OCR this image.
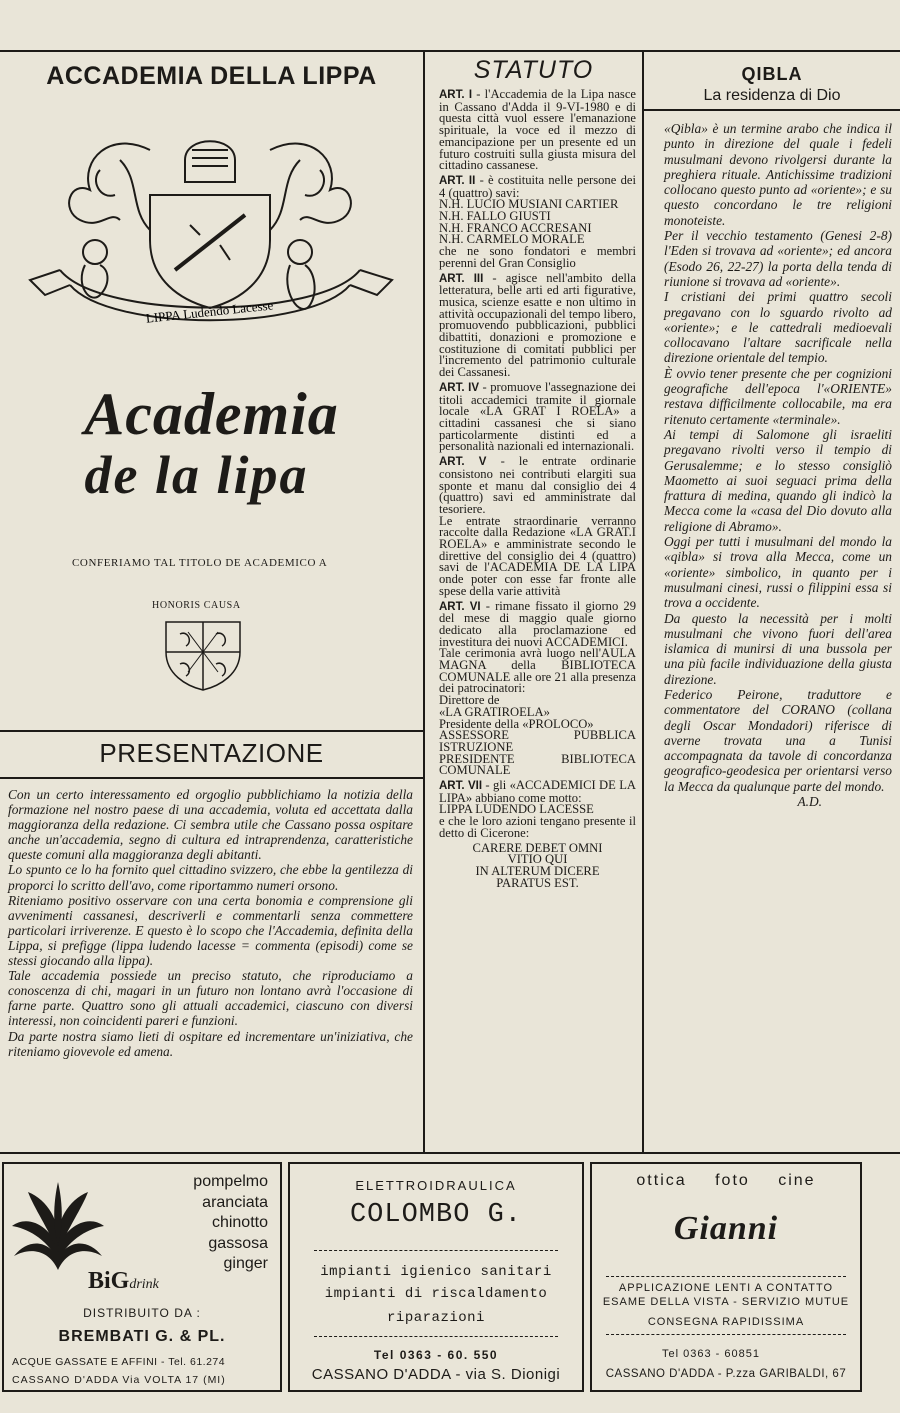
ACCADEMIA DELLA LIPPA
LIPPA Ludendo Lacesse
Academia
de la lipa
CONFERIAMO TAL TITOLO DE ACADEMICO A
HONORIS CAUSA
PRESENTAZIONE

Con un certo interessamento ed orgoglio pubblichiamo la notizia della formazione nel nostro paese di una accademia, voluta ed accettata dalla maggioranza della redazione. Ci sembra utile che Cassano possa ospitare anche un'accademia, segno di cultura ed intraprendenza, caratteristiche queste comuni alla maggioranza degli abitanti.

Lo spunto ce lo ha fornito quel cittadino svizzero, che ebbe la gentilezza di proporci lo scritto dell'avo, come riportammo numeri orsono.

Riteniamo positivo osservare con una certa bonomia e comprensione gli avvenimenti cassanesi, descriverli e commentarli senza commettere particolari irriverenze. E questo è lo scopo che l'Accademia, definita della Lippa, si prefigge (lippa ludendo lacesse = commenta (episodi) come se stessi giocando alla lippa).

Tale accademia possiede un preciso statuto, che riproduciamo a conoscenza di chi, magari in un futuro non lontano avrà l'occasione di farne parte. Quattro sono gli attuali accademici, ciascuno con diversi interessi, non coincidenti pareri e funzioni.

Da parte nostra siamo lieti di ospitare ed incrementare un'iniziativa, che riteniamo giovevole ed amena.

STATUTO

ART. I - l'Accademia de la Lipa nasce in Cassano d'Adda il 9-VI-1980 e di questa città vuol essere l'emanazione spirituale, la voce ed il mezzo di emancipazione per un presente ed un futuro costruiti sulla giusta misura del cittadino cassanese.

ART. II - è costituita nelle persone dei 4 (quattro) savi:
N.H. LUCIO MUSIANI CARTIER
N.H. FALLO GIUSTI
N.H. FRANCO ACCRESANI
N.H. CARMELO MORALE
che ne sono fondatori e membri perenni del Gran Consiglio

ART. III - agisce nell'ambito della letteratura, belle arti ed arti figurative, musica, scienze esatte e non ultimo in attività occupazionali del tempo libero, promuovendo pubblicazioni, pubblici dibattiti, donazioni e promozione e costituzione di comitati pubblici per l'incremento del patrimonio culturale dei Cassanesi.

ART. IV - promuove l'assegnazione dei titoli accademici tramite il giornale locale «LA GRAT I ROELA» a cittadini cassanesi che si siano particolarmente distinti ed a personalità nazionali ed internazionali.

ART. V - le entrate ordinarie consistono nei contributi elargiti sua sponte et manu dal consiglio dei 4 (quattro) savi ed amministrate dal tesoriere.
Le entrate straordinarie verranno raccolte dalla Redazione «LA GRAT.I ROELA» e amministrate secondo le direttive del consiglio dei 4 (quattro) savi de l'ACADEMIA DE LA LIPA onde poter con esse far fronte alle spese della varie attività

ART. VI - rimane fissato il giorno 29 del mese di maggio quale giorno dedicato alla proclamazione ed investitura dei nuovi ACCADEMICI.
Tale cerimonia avrà luogo nell'AULA MAGNA della BIBLIOTECA COMUNALE alle ore 21 alla presenza dei patrocinatori:
Direttore de
«LA GRATIROELA»
Presidente della «PROLOCO»
ASSESSORE PUBBLICA ISTRUZIONE
PRESIDENTE BIBLIOTECA COMUNALE

ART. VII - gli «ACCADEMICI DE LA LIPA» abbiano come motto:
LIPPA LUDENDO LACESSE
e che le loro azioni tengano presente il detto di Cicerone:

CARERE DEBET OMNI
VITIO QUI
IN ALTERUM DICERE
PARATUS EST.
QIBLA
La residenza di Dio

«Qibla» è un termine arabo che indica il punto in direzione del quale i fedeli musulmani devono rivolgersi durante la preghiera rituale. Antichissime tradizioni collocano questo punto ad «oriente»; e su questo concordano le tre religioni monoteiste.

Per il vecchio testamento (Genesi 2-8) l'Eden si trovava ad «oriente»; ed ancora (Esodo 26, 22-27) la porta della tenda di riunione si trovava ad «oriente».

I cristiani dei primi quattro secoli pregavano con lo sguardo rivolto ad «oriente»; e le cattedrali medioevali collocavano l'altare sacrificale nella direzione orientale del tempio.

È ovvio tener presente che per cognizioni geografiche dell'epoca l'«ORIENTE» restava difficilmente collocabile, ma era ritenuto certamente «terminale».

Ai tempi di Salomone gli israeliti pregavano rivolti verso il tempio di Gerusalemme; e lo stesso consigliò Maometto ai suoi seguaci prima della frattura di medina, quando gli indicò la Mecca come la «casa del Dio dovuto alla religione di Abramo».

Oggi per tutti i musulmani del mondo la «qibla» si trova alla Mecca, come un «oriente» simbolico, in quanto per i musulmani cinesi, russi o filippini essa si trova a occidente.

Da questo la necessità per i molti musulmani che vivono fuori dell'area islamica di munirsi di una bussola per una più facile individuazione della giusta direzione.

Federico Peirone, traduttore e commentatore del CORANO (collana degli Oscar Mondadori) riferisce di averne trovata una a Tunisi accompagnata da tavole di concordanza geografico-geodesica per orientarsi verso la Mecca da qualunque parte del mondo.

A.D.

pompelmo
aranciata
chinotto
gassosa
ginger
BiGdrink
DISTRIBUITO DA :
BREMBATI G. & PL.
ACQUE GASSATE E AFFINI - Tel. 61.274
CASSANO D'ADDA Via VOLTA 17 (MI)
ELETTROIDRAULICA
COLOMBO G.
impianti igienico sanitari
impianti di riscaldamento
riparazioni
Tel 0363 - 60. 550
CASSANO D'ADDA - via S. Dionigi
ottica foto cine
Gianni
APPLICAZIONE LENTI A CONTATTO
ESAME DELLA VISTA - SERVIZIO MUTUE
CONSEGNA RAPIDISSIMA
Tel 0363 - 60851
CASSANO D'ADDA - P.zza GARIBALDI, 67
